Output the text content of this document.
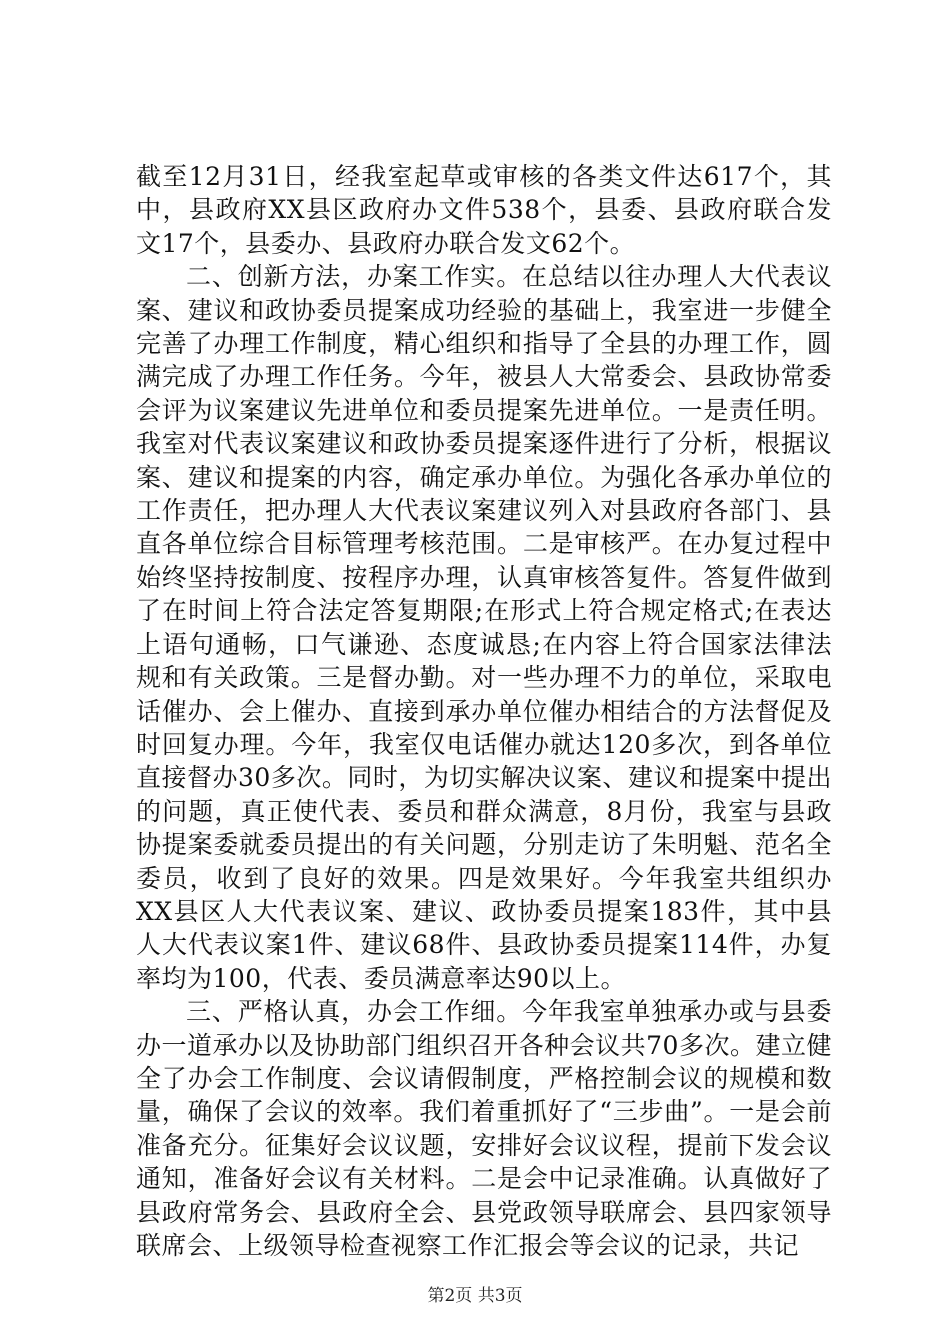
截至12月31日，经我室起草或审核的各类文件达617个，其中，县政府XX县区政府办文件538个，县委、县政府联合发文17个，县委办、县政府办联合发文62个。

二、创新方法，办案工作实。在总结以往办理人大代表议案、建议和政协委员提案成功经验的基础上，我室进一步健全完善了办理工作制度，精心组织和指导了全县的办理工作，圆满完成了办理工作任务。今年，被县人大常委会、县政协常委会评为议案建议先进单位和委员提案先进单位。一是责任明。我室对代表议案建议和政协委员提案逐件进行了分析，根据议案、建议和提案的内容，确定承办单位。为强化各承办单位的工作责任，把办理人大代表议案建议列入对县政府各部门、县直各单位综合目标管理考核范围。二是审核严。在办复过程中始终坚持按制度、按程序办理，认真审核答复件。答复件做到了在时间上符合法定答复期限;在形式上符合规定格式;在表达上语句通畅，口气谦逊、态度诚恳;在内容上符合国家法律法规和有关政策。三是督办勤。对一些办理不力的单位，采取电话催办、会上催办、直接到承办单位催办相结合的方法督促及时回复办理。今年，我室仅电话催办就达120多次，到各单位直接督办30多次。同时，为切实解决议案、建议和提案中提出的问题，真正使代表、委员和群众满意，8月份，我室与县政协提案委就委员提出的有关问题，分别走访了朱明魁、范名全委员，收到了良好的效果。四是效果好。今年我室共组织办XX县区人大代表议案、建议、政协委员提案183件，其中县人大代表议案1件、建议68件、县政协委员提案114件，办复率均为100，代表、委员满意率达90以上。

三、严格认真，办会工作细。今年我室单独承办或与县委办一道承办以及协助部门组织召开各种会议共70多次。建立健全了办会工作制度、会议请假制度，严格控制会议的规模和数量，确保了会议的效率。我们着重抓好了“三步曲”。一是会前准备充分。征集好会议议题，安排好会议议程，提前下发会议通知，准备好会议有关材料。二是会中记录准确。认真做好了县政府常务会、县政府全会、县党政领导联席会、县四家领导联席会、上级领导检查视察工作汇报会等会议的记录，共记

第2页 共3页
